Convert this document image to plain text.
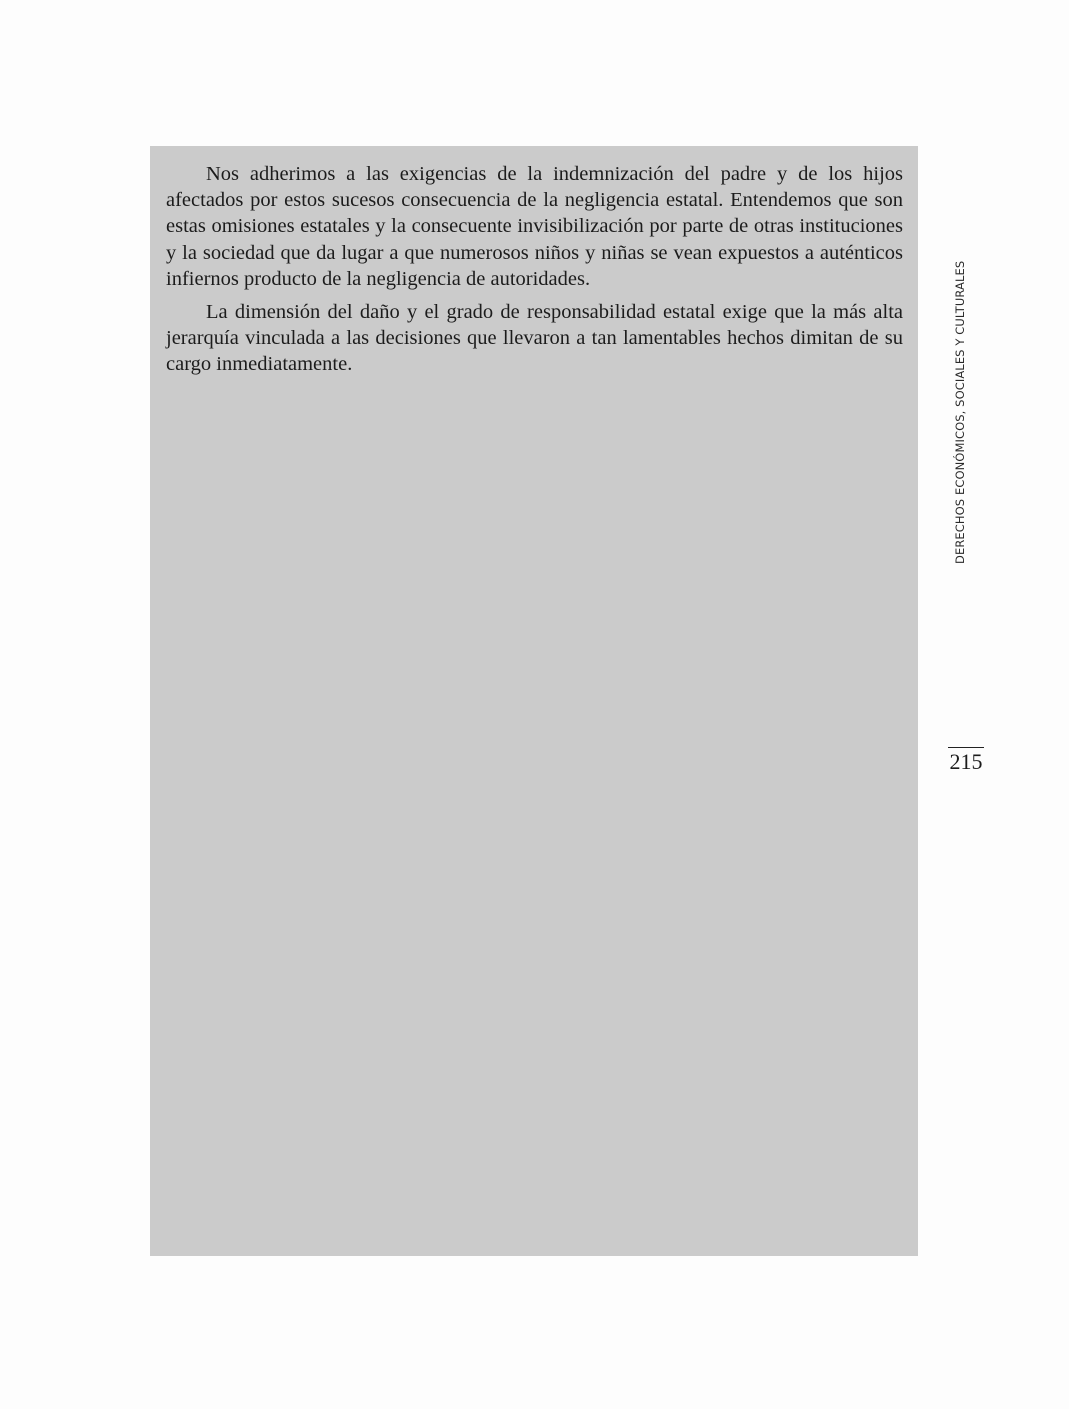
Nos adherimos a las exigencias de la indemnización del padre y de los hijos afectados por estos sucesos consecuencia de la negligencia estatal. Entendemos que son estas omisiones estatales y la consecuente invisibilización por parte de otras instituciones y la sociedad que da lugar a que numerosos niños y niñas se vean expuestos a auténticos infiernos producto de la negligencia de autoridades.

La dimensión del daño y el grado de responsabilidad estatal exige que la más alta jerarquía vinculada a las decisiones que llevaron a tan lamentables hechos dimitan de su cargo inmediatamente.	DERECHOS ECONÓMICOS, SOCIALES Y CULTURALES
215
